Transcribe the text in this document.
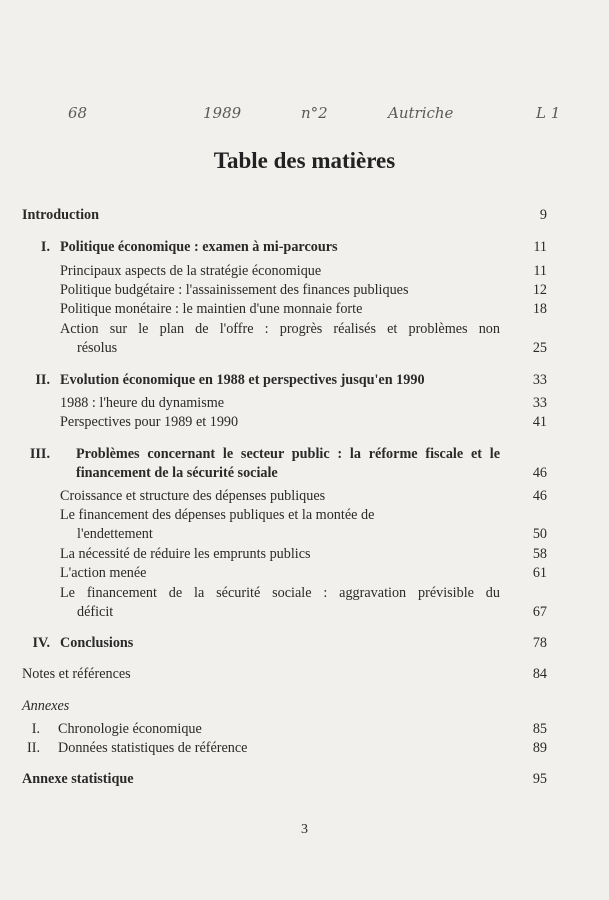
68	1989	n°2	Autriche	L 1
Table des matières
Introduction	9
I. Politique économique : examen à mi-parcours	11
Principaux aspects de la stratégie économique	11
Politique budgétaire : l'assainissement des finances publiques	12
Politique monétaire : le maintien d'une monnaie forte	18
Action sur le plan de l'offre : progrès réalisés et problèmes non
résolus	25
II. Evolution économique en 1988 et perspectives jusqu'en 1990	33
1988 : l'heure du dynamisme	33
Perspectives pour 1989 et 1990	41
III. Problèmes concernant le secteur public : la réforme fiscale et le
financement de la sécurité sociale	46
Croissance et structure des dépenses publiques	46
Le financement des dépenses publiques et la montée de
l'endettement	50
La nécessité de réduire les emprunts publics	58
L'action menée	61
Le financement de la sécurité sociale : aggravation prévisible du
déficit	67
IV. Conclusions	78
Notes et références	84
Annexes
I. Chronologie économique	85
II. Données statistiques de référence	89
Annexe statistique	95
3
